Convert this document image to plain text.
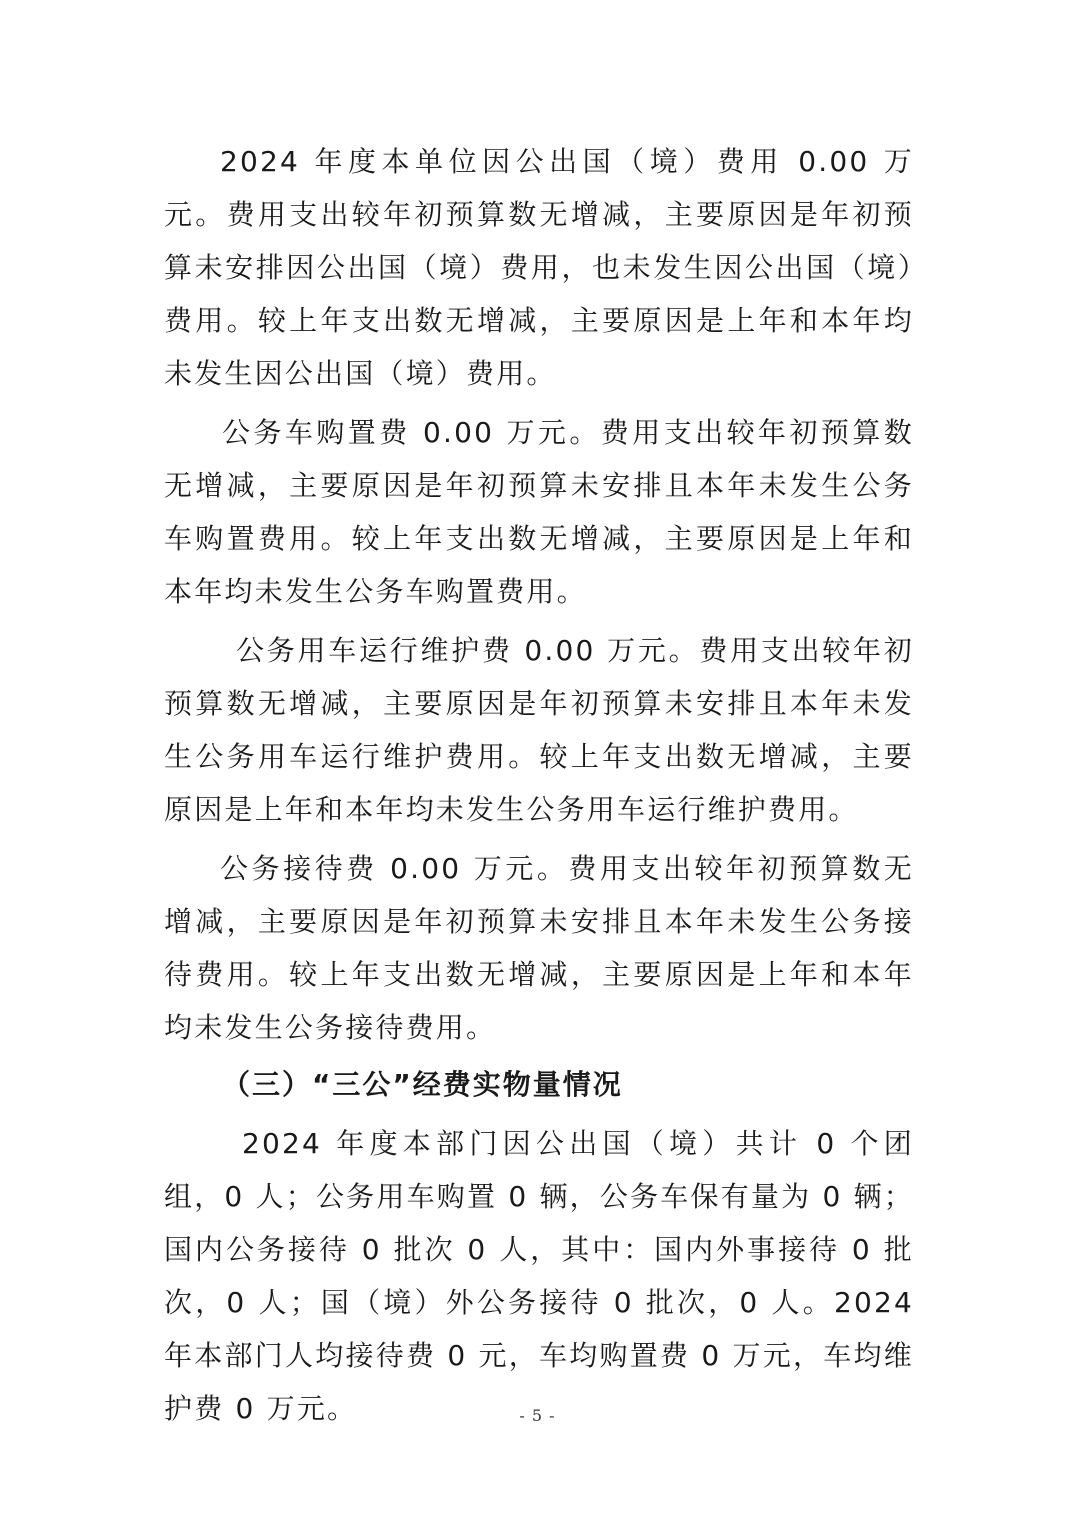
2024 年度本单位因公出国（境）费用 0.00 万元。费用支出较年初预算数无增减，主要原因是年初预算未安排因公出国（境）费用，也未发生因公出国（境）费用。较上年支出数无增减，主要原因是上年和本年均未发生因公出国（境）费用。

公务车购置费 0.00 万元。费用支出较年初预算数无增减，主要原因是年初预算未安排且本年未发生公务车购置费用。较上年支出数无增减，主要原因是上年和本年均未发生公务车购置费用。

公务用车运行维护费 0.00 万元。费用支出较年初预算数无增减，主要原因是年初预算未安排且本年未发生公务用车运行维护费用。较上年支出数无增减，主要原因是上年和本年均未发生公务用车运行维护费用。

公务接待费 0.00 万元。费用支出较年初预算数无增减，主要原因是年初预算未安排且本年未发生公务接待费用。较上年支出数无增减，主要原因是上年和本年均未发生公务接待费用。

（三）“三公”经费实物量情况

2024 年度本部门因公出国（境）共计 0 个团组，0 人；公务用车购置 0 辆，公务车保有量为 0 辆；国内公务接待 0 批次 0 人，其中：国内外事接待 0 批次，0 人；国（境）外公务接待 0 批次，0 人。2024 年本部门人均接待费 0 元，车均购置费 0 万元，车均维护费 0 万元。	- 5 -
